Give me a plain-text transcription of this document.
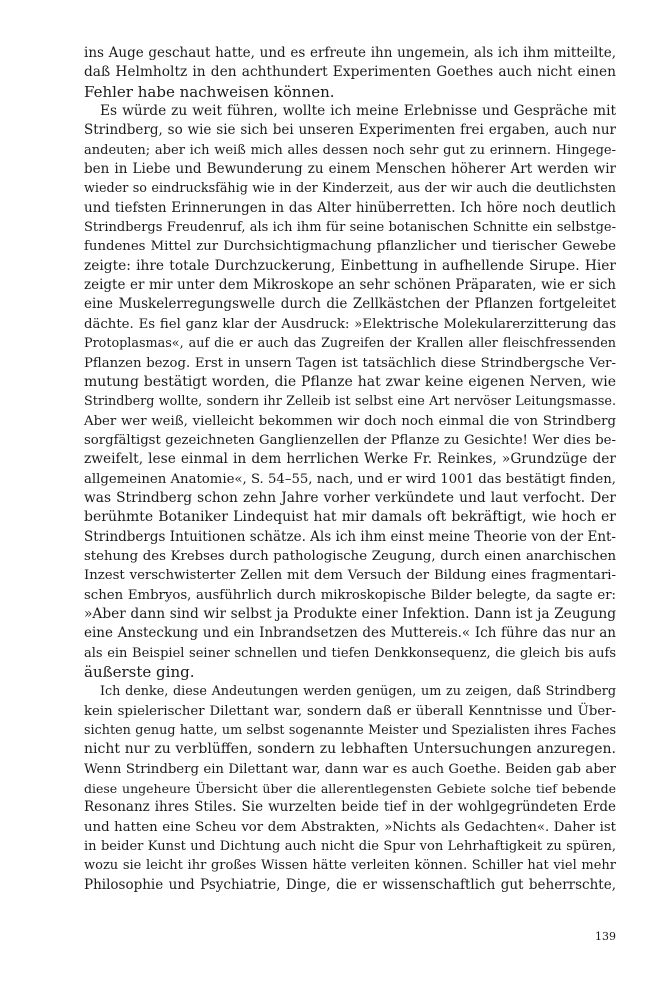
ins Auge geschaut hatte, und es erfreute ihn ungemein, als ich ihm mitteilte,
daß Helmholtz in den achthundert Experimenten Goethes auch nicht einen
Fehler habe nachweisen können.
Es würde zu weit führen, wollte ich meine Erlebnisse und Gespräche mit
Strindberg, so wie sie sich bei unseren Experimenten frei ergaben, auch nur
andeuten; aber ich weiß mich alles dessen noch sehr gut zu erinnern. Hingege-
ben in Liebe und Bewunderung zu einem Menschen höherer Art werden wir
wieder so eindrucksfähig wie in der Kinderzeit, aus der wir auch die deutlichsten
und tiefsten Erinnerungen in das Alter hinüberretten. Ich höre noch deutlich
Strindbergs Freudenruf, als ich ihm für seine botanischen Schnitte ein selbstge-
fundenes Mittel zur Durchsichtigmachung pflanzlicher und tierischer Gewebe
zeigte: ihre totale Durchzuckerung, Einbettung in aufhellende Sirupe. Hier
zeigte er mir unter dem Mikroskope an sehr schönen Präparaten, wie er sich
eine Muskelerregungswelle durch die Zellkästchen der Pflanzen fortgeleitet
dächte. Es fiel ganz klar der Ausdruck: »Elektrische Molekularerzitterung das
Protoplasmas«, auf die er auch das Zugreifen der Krallen aller fleischfressenden
Pflanzen bezog. Erst in unsern Tagen ist tatsächlich diese Strindbergsche Ver-
mutung bestätigt worden, die Pflanze hat zwar keine eigenen Nerven, wie
Strindberg wollte, sondern ihr Zelleib ist selbst eine Art nervöser Leitungsmasse.
Aber wer weiß, vielleicht bekommen wir doch noch einmal die von Strindberg
sorgfältigst gezeichneten Ganglienzellen der Pflanze zu Gesichte! Wer dies be-
zweifelt, lese einmal in dem herrlichen Werke Fr. Reinkes, »Grundzüge der
allgemeinen Anatomie«, S. 54–55, nach, und er wird 1001 das bestätigt finden,
was Strindberg schon zehn Jahre vorher verkündete und laut verfocht. Der
berühmte Botaniker Lindequist hat mir damals oft bekräftigt, wie hoch er
Strindbergs Intuitionen schätze. Als ich ihm einst meine Theorie von der Ent-
stehung des Krebses durch pathologische Zeugung, durch einen anarchischen
Inzest verschwisterter Zellen mit dem Versuch der Bildung eines fragmentari-
schen Embryos, ausführlich durch mikroskopische Bilder belegte, da sagte er:
»Aber dann sind wir selbst ja Produkte einer Infektion. Dann ist ja Zeugung
eine Ansteckung und ein Inbrandsetzen des Muttereis.« Ich führe das nur an
als ein Beispiel seiner schnellen und tiefen Denkkonsequenz, die gleich bis aufs
äußerste ging.
Ich denke, diese Andeutungen werden genügen, um zu zeigen, daß Strindberg
kein spielerischer Dilettant war, sondern daß er überall Kenntnisse und Über-
sichten genug hatte, um selbst sogenannte Meister und Spezialisten ihres Faches
nicht nur zu verblüffen, sondern zu lebhaften Untersuchungen anzuregen.
Wenn Strindberg ein Dilettant war, dann war es auch Goethe. Beiden gab aber
diese ungeheure Übersicht über die allerentlegensten Gebiete solche tief bebende
Resonanz ihres Stiles. Sie wurzelten beide tief in der wohlgegründeten Erde
und hatten eine Scheu vor dem Abstrakten, »Nichts als Gedachten«. Daher ist
in beider Kunst und Dichtung auch nicht die Spur von Lehrhaftigkeit zu spüren,
wozu sie leicht ihr großes Wissen hätte verleiten können. Schiller hat viel mehr
Philosophie und Psychiatrie, Dinge, die er wissenschaftlich gut beherrschte,
139
